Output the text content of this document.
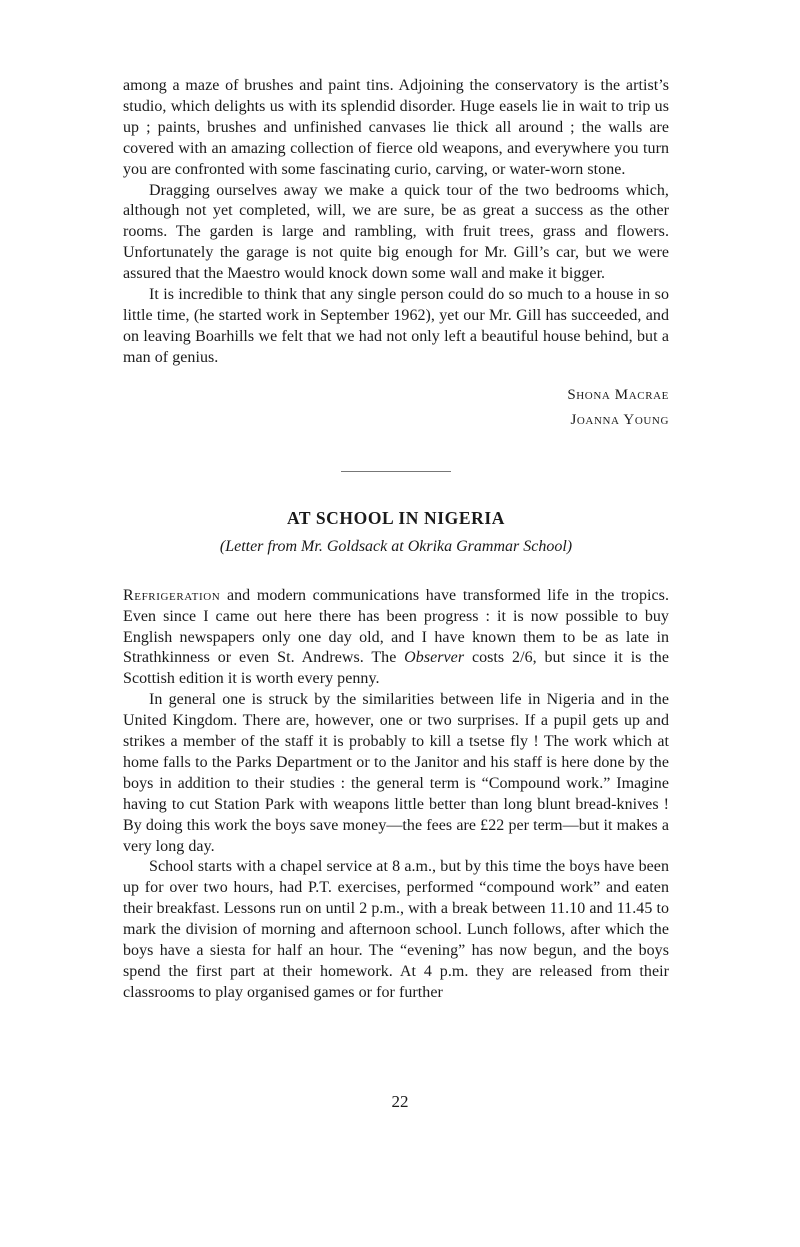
among a maze of brushes and paint tins. Adjoining the conservatory is the artist’s studio, which delights us with its splendid disorder. Huge easels lie in wait to trip us up ; paints, brushes and unfinished canvases lie thick all around ; the walls are covered with an amazing collection of fierce old weapons, and everywhere you turn you are confronted with some fascinating curio, carving, or water-worn stone.

Dragging ourselves away we make a quick tour of the two bedrooms which, although not yet completed, will, we are sure, be as great a success as the other rooms. The garden is large and rambling, with fruit trees, grass and flowers. Unfortunately the garage is not quite big enough for Mr. Gill’s car, but we were assured that the Maestro would knock down some wall and make it bigger.

It is incredible to think that any single person could do so much to a house in so little time, (he started work in September 1962), yet our Mr. Gill has succeeded, and on leaving Boarhills we felt that we had not only left a beautiful house behind, but a man of genius.

Shona Macrae
Joanna Young
AT SCHOOL IN NIGERIA
(Letter from Mr. Goldsack at Okrika Grammar School)

Refrigeration and modern communications have transformed life in the tropics. Even since I came out here there has been progress : it is now possible to buy English newspapers only one day old, and I have known them to be as late in Strathkinness or even St. Andrews. The Observer costs 2/6, but since it is the Scottish edition it is worth every penny.

In general one is struck by the similarities between life in Nigeria and in the United Kingdom. There are, however, one or two surprises. If a pupil gets up and strikes a member of the staff it is probably to kill a tsetse fly ! The work which at home falls to the Parks Department or to the Janitor and his staff is here done by the boys in addition to their studies : the general term is “Compound work.” Imagine having to cut Station Park with weapons little better than long blunt bread-knives ! By doing this work the boys save money—the fees are £22 per term—but it makes a very long day.

School starts with a chapel service at 8 a.m., but by this time the boys have been up for over two hours, had P.T. exercises, performed “compound work” and eaten their breakfast. Lessons run on until 2 p.m., with a break between 11.10 and 11.45 to mark the division of morning and afternoon school. Lunch follows, after which the boys have a siesta for half an hour. The “evening” has now begun, and the boys spend the first part at their homework. At 4 p.m. they are released from their classrooms to play organised games or for further

22
